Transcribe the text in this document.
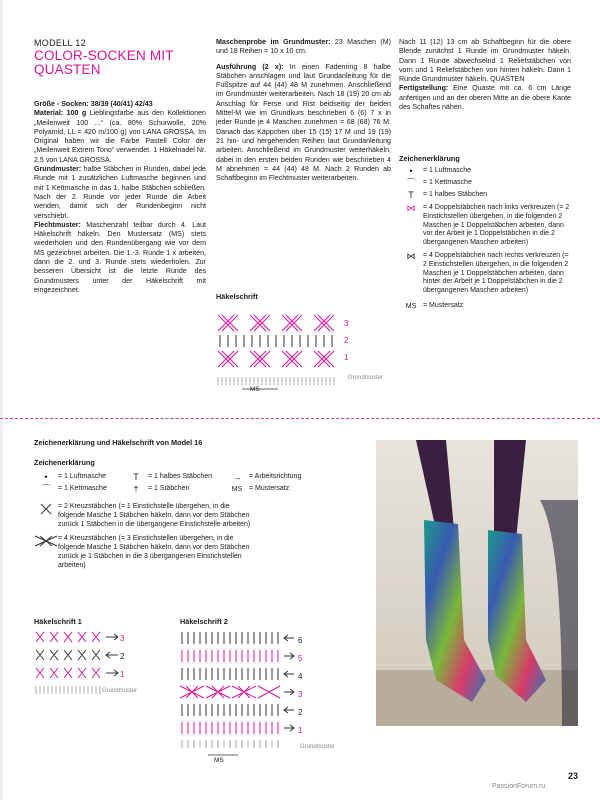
MODELL 12
COLOR-SOCKEN MIT QUASTEN

Größe - Socken: 38/39 (40/41) 42/43

Material: 100 g Lieblingsfarbe aus den Kollektionen „Meilenweit 100 ...“ (ca. 80% Schurwolle, 20% Polyamid, LL = 420 m/100 g) von LANA GROSSA. Im Original haben wir die Farbe Pastell Color der „Meilenweit Extrem Tono“ verwendet. 1 Häkelnadel Nr. 2,5 von LANA GROSSA.

Grundmuster: halbe Stäbchen in Runden, dabei jede Runde mit 1 zusätzlichen Luftmasche beginnen und mit 1 Kettmasche in das 1. halbe Stäbchen schließen. Nach der 2. Runde vor jeder Runde die Arbeit wenden, damit sich der Rundenbeginn nicht verschiebt.

Flechtmuster: Maschenzahl teilbar durch 4. Laut Häkelschrift häkeln. Den Mustersatz (MS) stets wiederholen und den Rundenübergang wie vor dem MS gezeichnet arbeiten. Die 1.-3. Runde 1 x arbeiten, dann die 2. und 3. Runde stets wiederholen. Zur besseren Übersicht ist die letzte Runde des Grundmusters unter der Häkelschrift mit eingezeichnet.

Maschenprobe im Grundmuster: 23 Maschen (M) und 18 Reihen = 10 x 10 cm.

Ausführung (2 x): In einen Fadenring 8 halbe Stäbchen anschlagen und laut Grundanleitung für die Fußspitze auf 44 (44) 48 M zunehmen. Anschließend im Grundmuster weiterarbeiten. Nach 18 (19) 20 cm ab Anschlag für Ferse und Rist beidseitig der beiden Mittel-M wie im Grundkurs beschrieben 6 (6) 7 x in jeder Runde je 4 Maschen zunehmen = 68 (68) 76 M. Danach das Käppchen über 15 (15) 17 M und 19 (19) 21 hin- und hergehenden Reihen laut Grundanleitung arbeiten. Anschließend im Grundmuster weiterhäkeln, dabei in den ersten beiden Runden wie beschrieben 4 M abnehmen = 44 (44) 48 M. Nach 2 Runden ab Schaftbeginn im Flechtmuster weiterarbeiten.

Häkelschrift
3
2
1
Grundmuster
MS

Nach 11 (12) 13 cm ab Schaftbeginn für die obere Blende zunächst 1 Runde im Grundmuster häkeln. Dann 1 Runde abwechselnd 1 Reliefstäbchen von vorn und 1 Reliefstäbchen von hinten häkeln. Dann 1 Runde Grundmuster häkeln. QUASTEN

Fertigstellung: Eine Quaste mit ca. 6 cm Länge anfertigen und an der oberen Mitte an die obere Kante des Schaftes nähen.

Zeichenerklärung
•	= 1 Luftmasche
⌒	= 1 Kettmasche
T	= 1 halbes Stäbchen
⋈	= 4 Doppelstäbchen nach links verkreuzen (= 2 Einstichstellen übergehen, in die folgenden 2 Maschen je 1 Doppelstäbchen arbeiten, dann vor der Arbeit je 1 Doppelstäbchen in die 2 übergangenen Maschen arbeiten)
⋈	= 4 Doppelstäbchen nach rechts verkreuzen (= 2 Einstichstellen übergehen, in die folgenden 2 Maschen je 1 Doppelstäbchen arbeiten, dann hinter der Arbeit je 1 Doppelstäbchen in die 2 übergangenen Maschen arbeiten)
MS = Mustersatz
Zeichenerklärung und Häkelschrift von Model 16
Zeichenerklärung
•	= 1 Luftmasche
⌒	= 1 Kettmasche
T	= 1 halbes Stäbchen
†	= 1 Stäbchen
→	= Arbeitsrichtung
MS = Mustersatz
= 2 Kreuzstäbchen (= 1 Einstichstelle übergehen, in die folgende Masche 1 Stäbchen häkeln, dann vor dem Stäbchen zurück 1 Stäbchen in die übergangene Einstichstelle arbeiten)
= 4 Kreuzstäbchen (= 3 Einstichstellen übergehen, in die folgende Masche 1 Stäbchen häkeln, dann vor dem Stäbchen zurück je 1 Stäbchen in die 3 übergangenen Einstichstellen arbeiten)
Häkelschrift 1
3
2
1
Grundmuster
Häkelschrift 2
6
5
4
3
2
1
Grundmuster
MS
23
PassionForum.ru
